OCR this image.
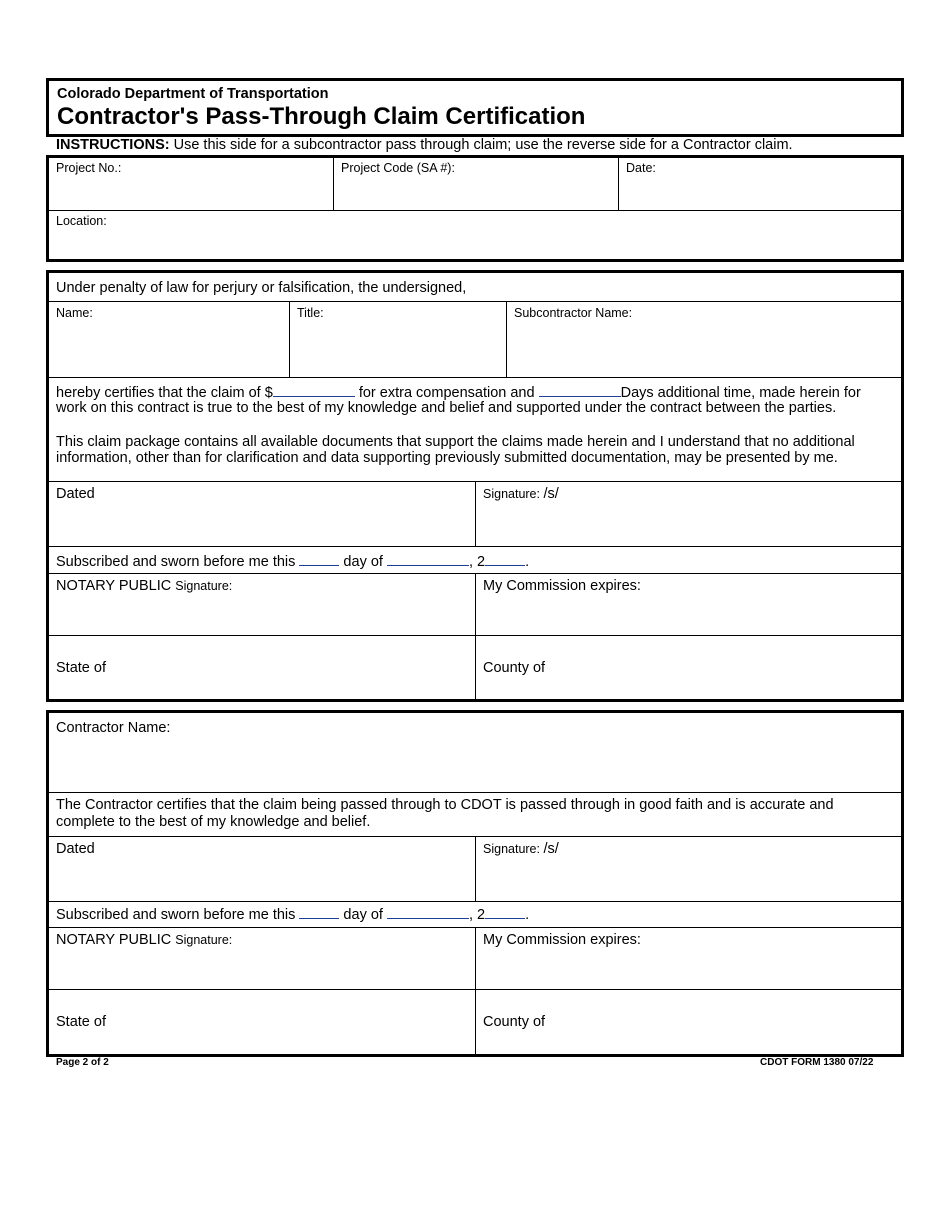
Colorado Department of Transportation
Contractor's Pass-Through Claim Certification
INSTRUCTIONS: Use this side for a subcontractor pass through claim; use the reverse side for a Contractor claim.
Project No.:	Project Code (SA #):	Date:
Location:
Under penalty of law for perjury or falsification, the undersigned,
Name:	Title:	Subcontractor Name:
hereby certifies that the claim of $	for extra compensation and	Days additional time, made herein for
work on this contract is true to the best of my knowledge and belief and supported under the contract between the parties.
This claim package contains all available documents that support the claims made herein and I understand that no additional
information, other than for clarification and data supporting previously submitted documentation, may be presented by me.
Dated	Signature: /s/
Subscribed and sworn before me this	day of	, 2	.
NOTARY PUBLIC Signature:	My Commission expires:
State of	County of
Contractor Name:
The Contractor certifies that the claim being passed through to CDOT is passed through in good faith and is accurate and
complete to the best of my knowledge and belief.
Dated	Signature: /s/
Subscribed and sworn before me this	day of	, 2	.
NOTARY PUBLIC Signature:	My Commission expires:
State of	County of
Page 2 of 2	CDOT FORM 1380 07/22
